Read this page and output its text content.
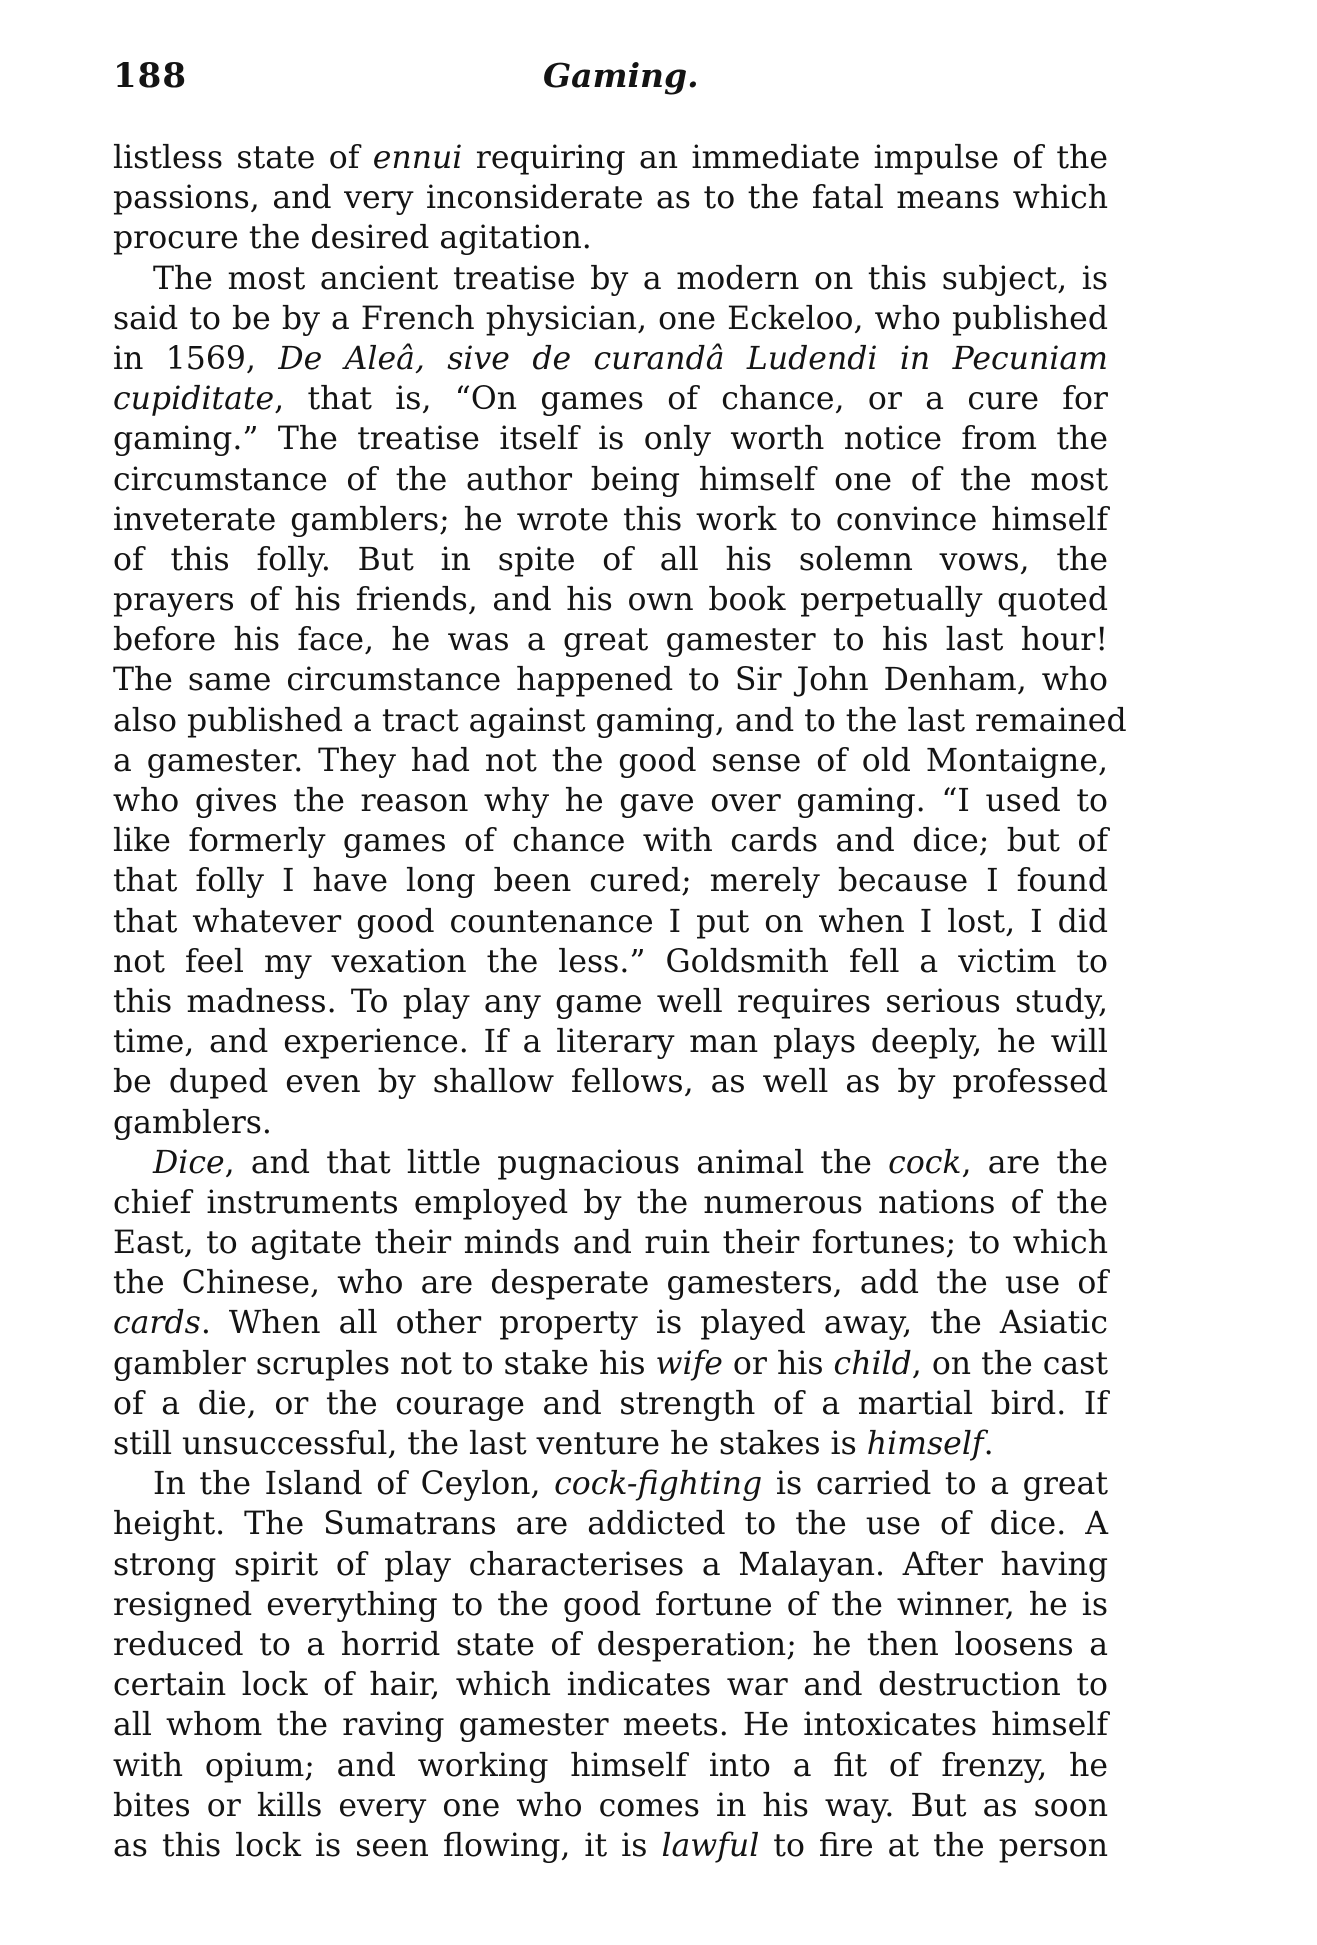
188	Gaming.
listless state of ennui requiring an immediate impulse of the
passions, and very inconsiderate as to the fatal means which
procure the desired agitation.
The most ancient treatise by a modern on this subject, is
said to be by a French physician, one Eckeloo, who published
in 1569, De Aleâ, sive de curandâ Ludendi in Pecuniam
cupiditate, that is, “On games of chance, or a cure for
gaming.” The treatise itself is only worth notice from the
circumstance of the author being himself one of the most
inveterate gamblers; he wrote this work to convince himself
of this folly. But in spite of all his solemn vows, the
prayers of his friends, and his own book perpetually quoted
before his face, he was a great gamester to his last hour!
The same circumstance happened to Sir John Denham, who
also published a tract against gaming, and to the last remained
a gamester. They had not the good sense of old Montaigne,
who gives the reason why he gave over gaming. “I used to
like formerly games of chance with cards and dice; but of
that folly I have long been cured; merely because I found
that whatever good countenance I put on when I lost, I did
not feel my vexation the less.” Goldsmith fell a victim to
this madness. To play any game well requires serious study,
time, and experience. If a literary man plays deeply, he will
be duped even by shallow fellows, as well as by professed
gamblers.
Dice, and that little pugnacious animal the cock, are the
chief instruments employed by the numerous nations of the
East, to agitate their minds and ruin their fortunes; to which
the Chinese, who are desperate gamesters, add the use of
cards. When all other property is played away, the Asiatic
gambler scruples not to stake his wife or his child, on the cast
of a die, or the courage and strength of a martial bird. If
still unsuccessful, the last venture he stakes is himself.
In the Island of Ceylon, cock-fighting is carried to a great
height. The Sumatrans are addicted to the use of dice. A
strong spirit of play characterises a Malayan. After having
resigned everything to the good fortune of the winner, he is
reduced to a horrid state of desperation; he then loosens a
certain lock of hair, which indicates war and destruction to
all whom the raving gamester meets. He intoxicates himself
with opium; and working himself into a fit of frenzy, he
bites or kills every one who comes in his way. But as soon
as this lock is seen flowing, it is lawful to fire at the person
